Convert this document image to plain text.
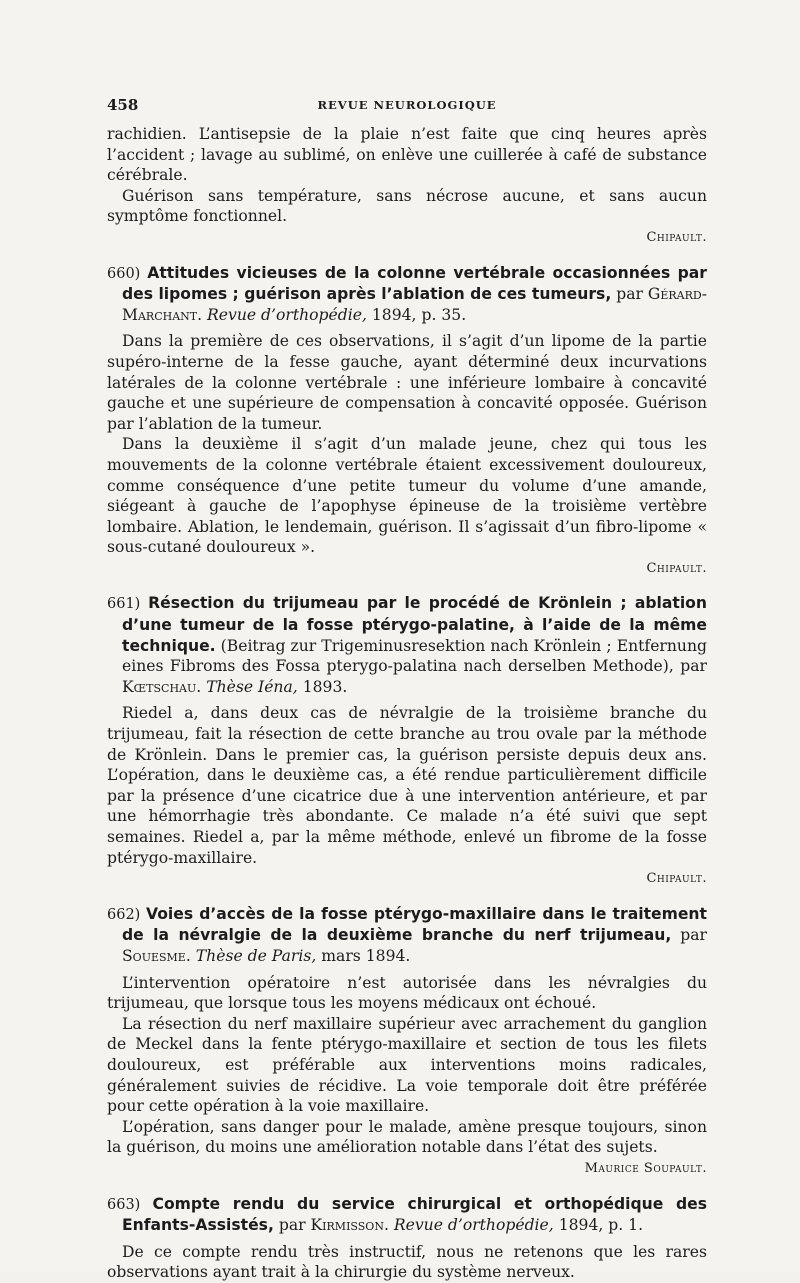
458	REVUE NEUROLOGIQUE

rachidien. L’antisepsie de la plaie n’est faite que cinq heures après l’accident ; lavage au sublimé, on enlève une cuillerée à café de substance cérébrale.

Guérison sans température, sans nécrose aucune, et sans aucun symptôme fonctionnel.

Chipault.
660) Attitudes vicieuses de la colonne vertébrale occasionnées par des lipomes ; guérison après l’ablation de ces tumeurs, par Gérard-Marchant. Revue d’orthopédie, 1894, p. 35.

Dans la première de ces observations, il s’agit d’un lipome de la partie supéro-interne de la fesse gauche, ayant déterminé deux incurvations latérales de la colonne vertébrale : une inférieure lombaire à concavité gauche et une supérieure de compensation à concavité opposée. Guérison par l’ablation de la tumeur.

Dans la deuxième il s’agit d’un malade jeune, chez qui tous les mouvements de la colonne vertébrale étaient excessivement douloureux, comme conséquence d’une petite tumeur du volume d’une amande, siégeant à gauche de l’apophyse épineuse de la troisième vertèbre lombaire. Ablation, le lendemain, guérison. Il s’agissait d’un fibro-lipome « sous-cutané douloureux ».

Chipault.
661) Résection du trijumeau par le procédé de Krönlein ; ablation d’une tumeur de la fosse ptérygo-palatine, à l’aide de la même technique. (Beitrag zur Trigeminusresektion nach Krönlein ; Entfernung eines Fibroms des Fossa pterygo-palatina nach derselben Methode), par Kœtschau. Thèse Iéna, 1893.

Riedel a, dans deux cas de névralgie de la troisième branche du trijumeau, fait la résection de cette branche au trou ovale par la méthode de Krönlein. Dans le premier cas, la guérison persiste depuis deux ans. L’opération, dans le deuxième cas, a été rendue particulièrement difficile par la présence d’une cicatrice due à une intervention antérieure, et par une hémorrhagie très abondante. Ce malade n’a été suivi que sept semaines. Riedel a, par la même méthode, enlevé un fibrome de la fosse ptérygo-maxillaire.

Chipault.
662) Voies d’accès de la fosse ptérygo-maxillaire dans le traitement de la névralgie de la deuxième branche du nerf trijumeau, par Souesme. Thèse de Paris, mars 1894.

L’intervention opératoire n’est autorisée dans les névralgies du trijumeau, que lorsque tous les moyens médicaux ont échoué.

La résection du nerf maxillaire supérieur avec arrachement du ganglion de Meckel dans la fente ptérygo-maxillaire et section de tous les filets douloureux, est préférable aux interventions moins radicales, généralement suivies de récidive. La voie temporale doit être préférée pour cette opération à la voie maxillaire.

L’opération, sans danger pour le malade, amène presque toujours, sinon la guérison, du moins une amélioration notable dans l’état des sujets.

Maurice Soupault.
663) Compte rendu du service chirurgical et orthopédique des Enfants-Assistés, par Kirmisson. Revue d’orthopédie, 1894, p. 1.

De ce compte rendu très instructif, nous ne retenons que les rares observations ayant trait à la chirurgie du système nerveux.
